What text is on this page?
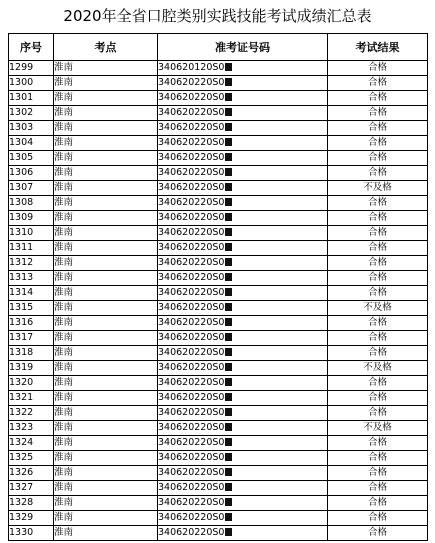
2020年全省口腔类别实践技能考试成绩汇总表
序号	考点	准考证号码	考试结果
1299	淮南	340620120S0	合格
1300	淮南	340620220S0	合格
1301	淮南	340620220S0	合格
1302	淮南	340620220S0	合格
1303	淮南	340620220S0	合格
1304	淮南	340620220S0	合格
1305	淮南	340620220S0	合格
1306	淮南	340620220S0	合格
1307	淮南	340620220S0	不及格
1308	淮南	340620220S0	合格
1309	淮南	340620220S0	合格
1310	淮南	340620220S0	合格
1311	淮南	340620220S0	合格
1312	淮南	340620220S0	合格
1313	淮南	340620220S0	合格
1314	淮南	340620220S0	合格
1315	淮南	340620220S0	不及格
1316	淮南	340620220S0	合格
1317	淮南	340620220S0	合格
1318	淮南	340620220S0	合格
1319	淮南	340620220S0	不及格
1320	淮南	340620220S0	合格
1321	淮南	340620220S0	合格
1322	淮南	340620220S0	合格
1323	淮南	340620220S0	不及格
1324	淮南	340620220S0	合格
1325	淮南	340620220S0	合格
1326	淮南	340620220S0	合格
1327	淮南	340620220S0	合格
1328	淮南	340620220S0	合格
1329	淮南	340620220S0	合格
1330	淮南	340620220S0	合格
